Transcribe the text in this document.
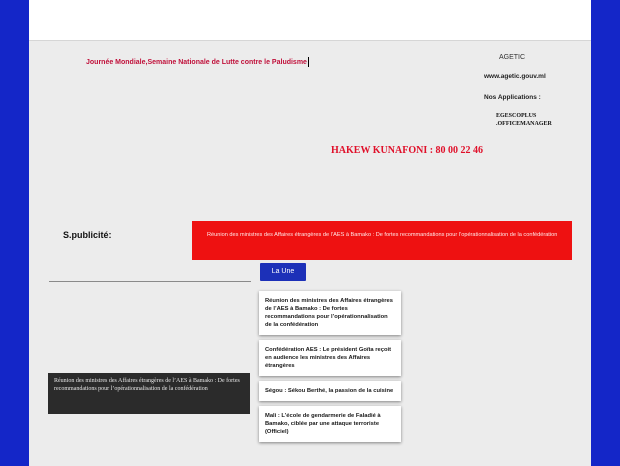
Journée Mondiale,Semaine Nationale de Lutte contre le Paludisme
AGETIC
www.agetic.gouv.ml
Nos Applications :
EGESCOPLUS
.OFFICEMANAGER
HAKEW KUNAFONI : 80 00 22 46
S.publicité:	Réunion des ministres des Affaires étrangères de l’AES à Bamako : De fortes recommandations pour l’opérationnalisation de la confédération
La Une
Réunion des ministres des Affaires étrangères de l’AES à Bamako : De fortes recommandations pour l’opérationnalisation de la confédération
Réunion des ministres des Affaires étrangères de l’AES à Bamako : De fortes recommandations pour l’opérationnalisation de la confédération
Confédération AES : Le président Goïta reçoit en audience les ministres des Affaires étrangères
Ségou : Sékou Berthé, la passion de la cuisine
Mali : L’école de gendarmerie de Faladié à Bamako, ciblée par une attaque terroriste (Officiel)
